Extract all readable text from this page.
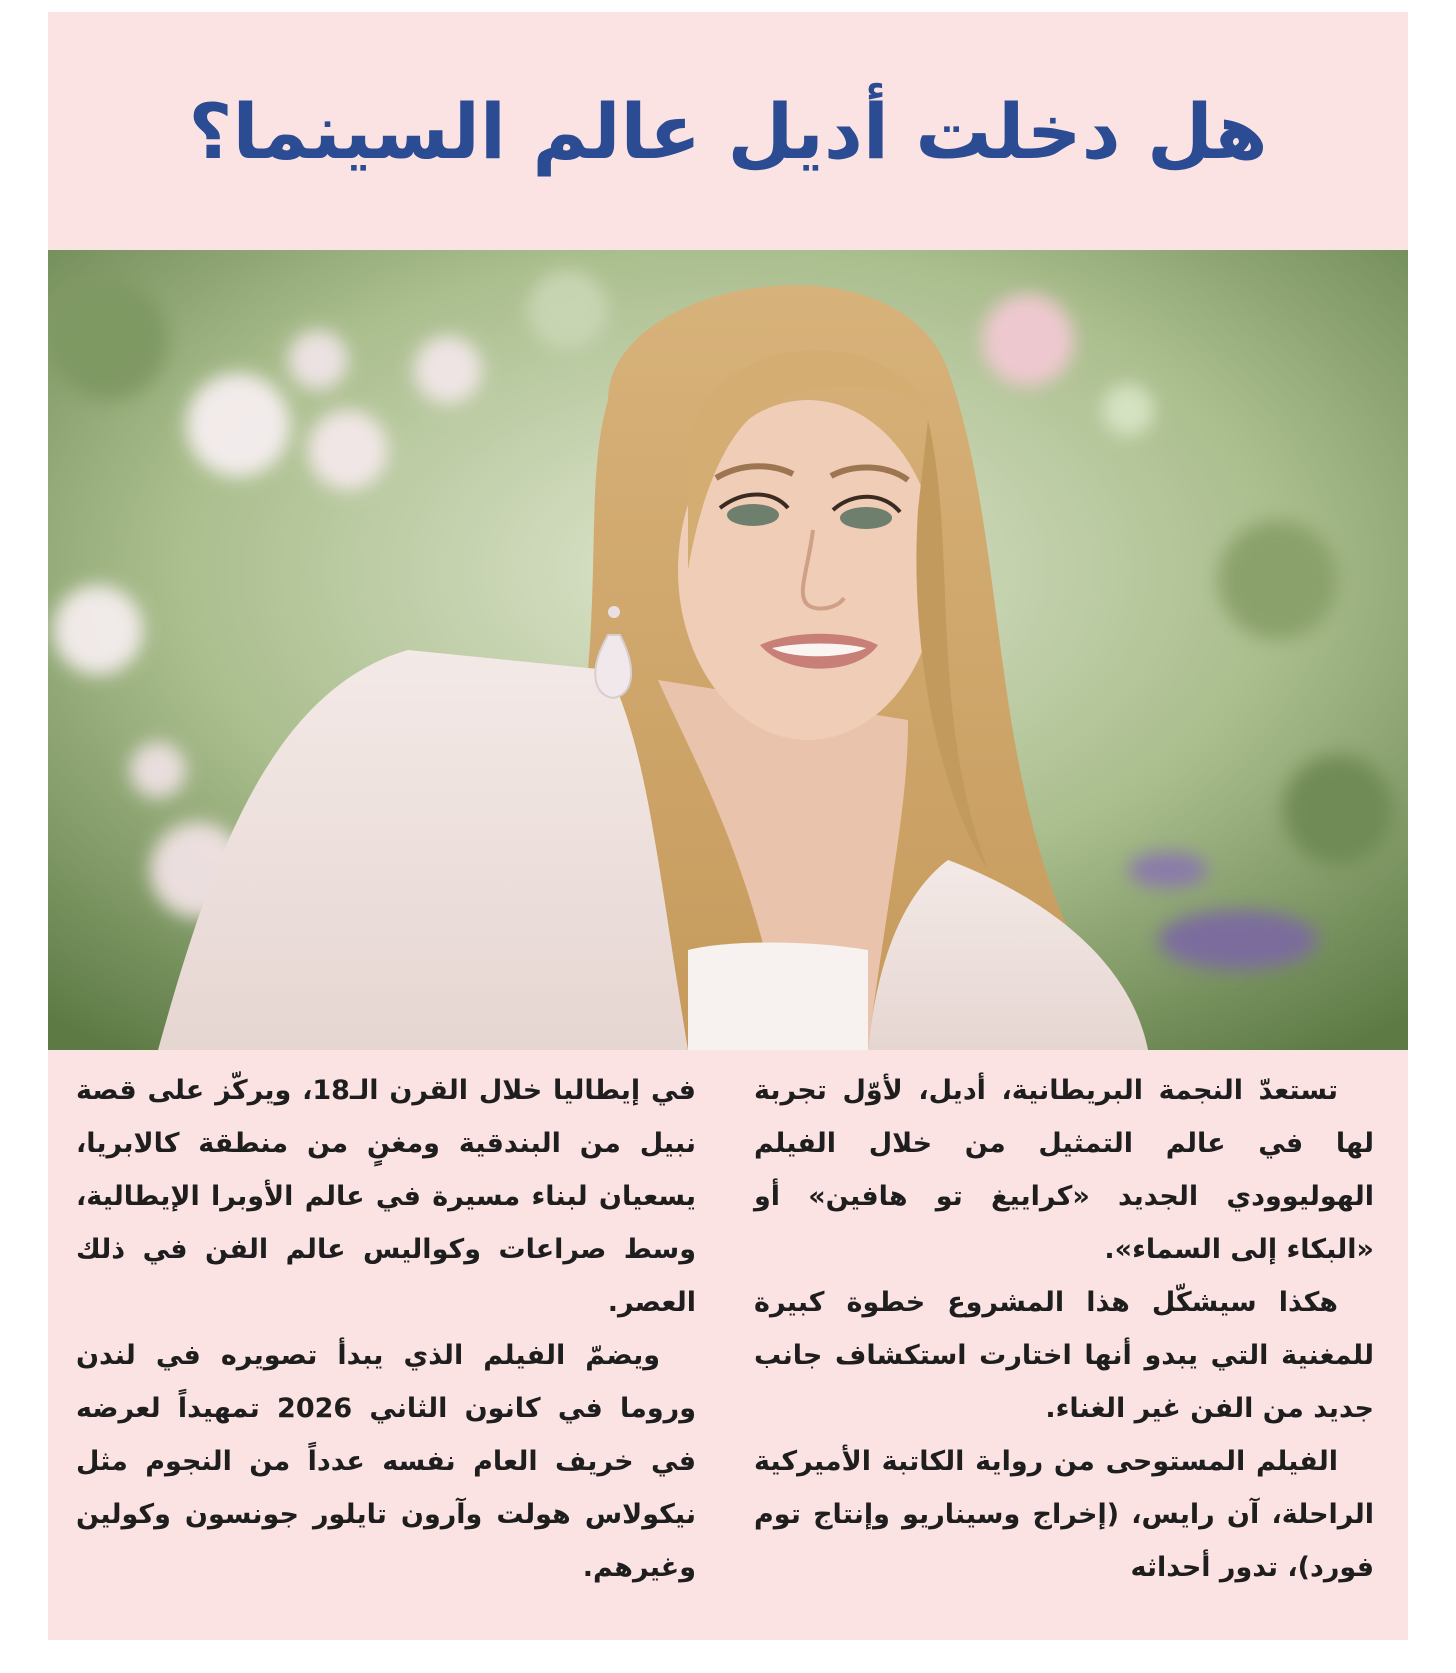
هل دخلت أديل عالم السينما؟

تستعدّ النجمة البريطانية، أديل، لأوّل تجربة لها في عالم التمثيل من خلال الفيلم الهوليوودي الجديد «كراييغ تو هافين» أو «البكاء إلى السماء».

هكذا سيشكّل هذا المشروع خطوة كبيرة للمغنية التي يبدو أنها اختارت استكشاف جانب جديد من الفن غير الغناء.

الفيلم المستوحى من رواية الكاتبة الأميركية الراحلة، آن رايس، (إخراج وسيناريو وإنتاج توم فورد)، تدور أحداثه

في إيطاليا خلال القرن الـ18، ويركّز على قصة نبيل من البندقية ومغنٍ من منطقة كالابريا، يسعيان لبناء مسيرة في عالم الأوبرا الإيطالية، وسط صراعات وكواليس عالم الفن في ذلك العصر.

ويضمّ الفيلم الذي يبدأ تصويره في لندن وروما في كانون الثاني 2026 تمهيداً لعرضه في خريف العام نفسه عدداً من النجوم مثل نيكولاس هولت وآرون تايلور جونسون وكولين وغيرهم.
